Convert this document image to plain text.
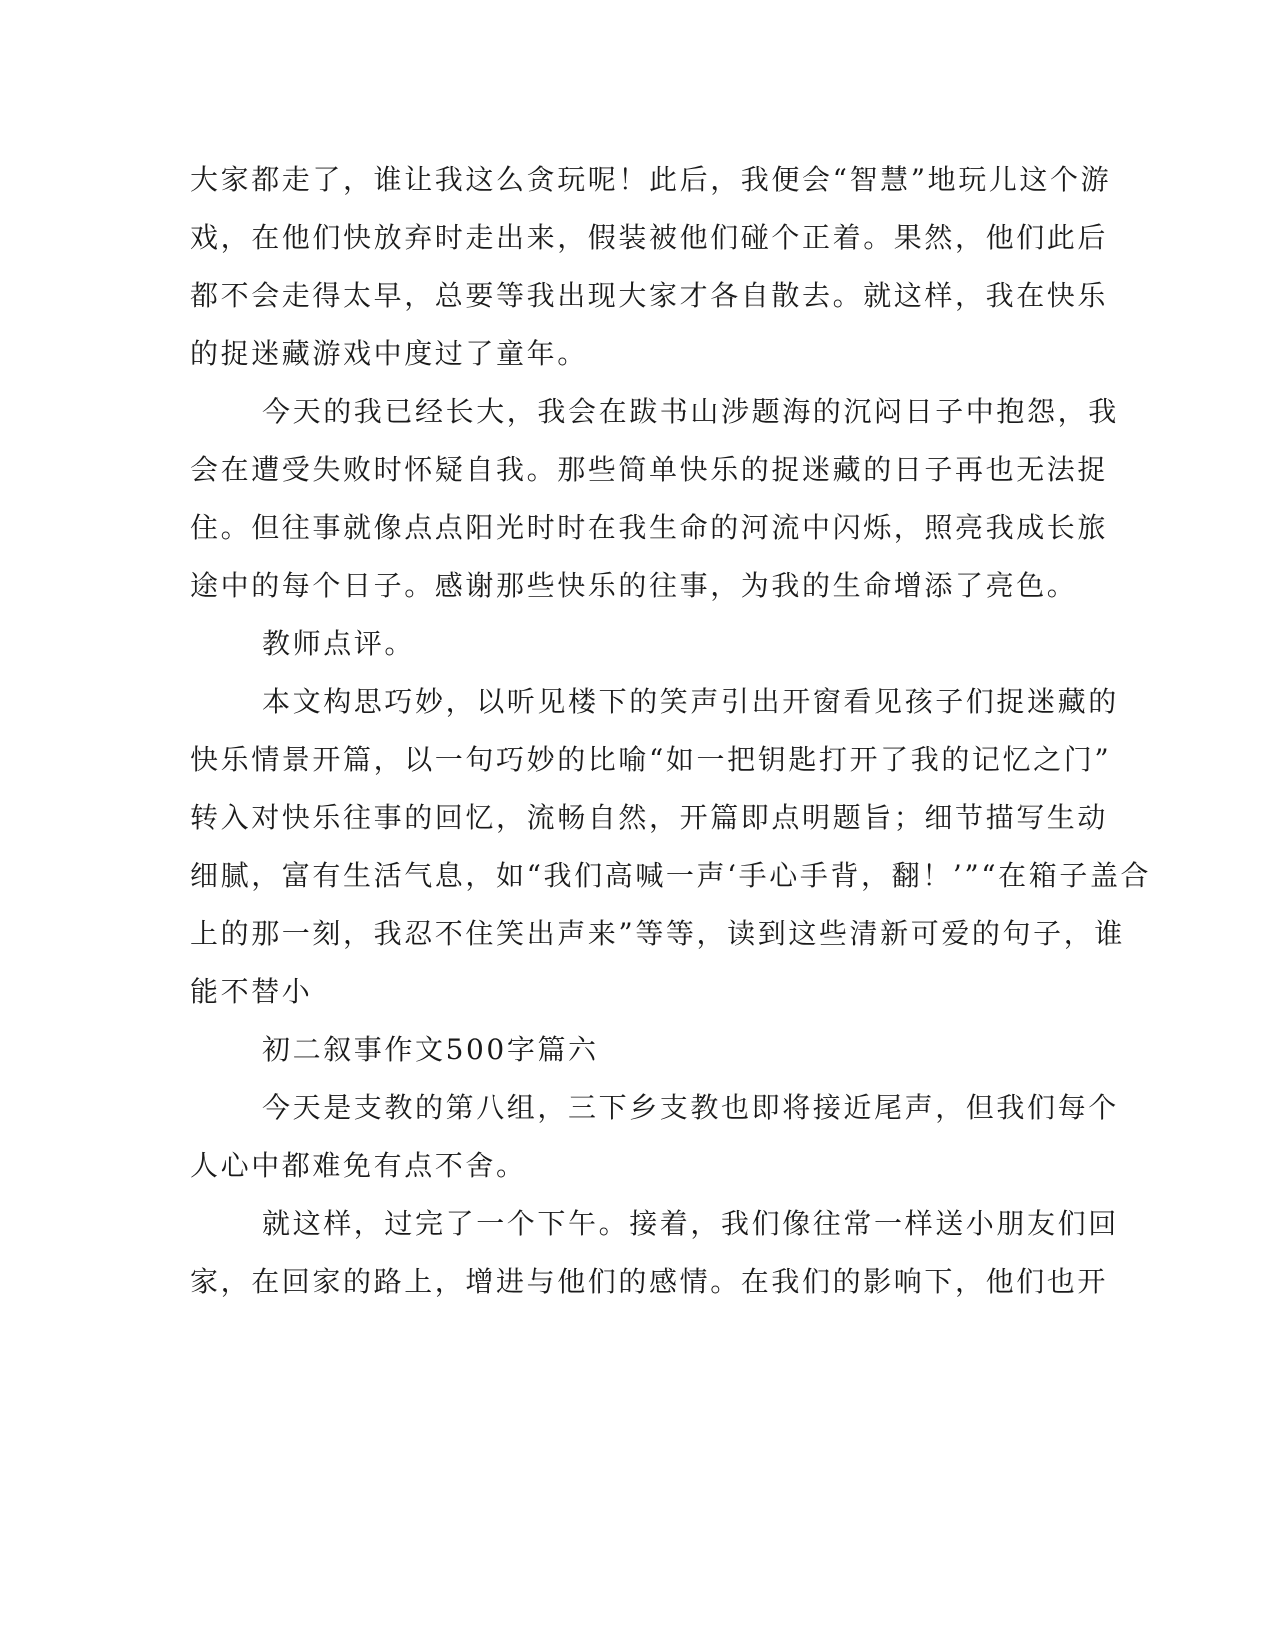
大家都走了，谁让我这么贪玩呢！此后，我便会“智慧”地玩儿这个游
戏，在他们快放弃时走出来，假装被他们碰个正着。果然，他们此后
都不会走得太早，总要等我出现大家才各自散去。就这样，我在快乐
的捉迷藏游戏中度过了童年。
今天的我已经长大，我会在跋书山涉题海的沉闷日子中抱怨，我
会在遭受失败时怀疑自我。那些简单快乐的捉迷藏的日子再也无法捉
住。但往事就像点点阳光时时在我生命的河流中闪烁，照亮我成长旅
途中的每个日子。感谢那些快乐的往事，为我的生命增添了亮色。
教师点评。
本文构思巧妙，以听见楼下的笑声引出开窗看见孩子们捉迷藏的
快乐情景开篇，以一句巧妙的比喻“如一把钥匙打开了我的记忆之门”
转入对快乐往事的回忆，流畅自然，开篇即点明题旨；细节描写生动
细腻，富有生活气息，如“我们高喊一声‘手心手背，翻！’”“在箱子盖合
上的那一刻，我忍不住笑出声来”等等，读到这些清新可爱的句子，谁
能不替小
初二叙事作文500字篇六
今天是支教的第八组，三下乡支教也即将接近尾声，但我们每个
人心中都难免有点不舍。
就这样，过完了一个下午。接着，我们像往常一样送小朋友们回
家，在回家的路上，增进与他们的感情。在我们的影响下，他们也开
